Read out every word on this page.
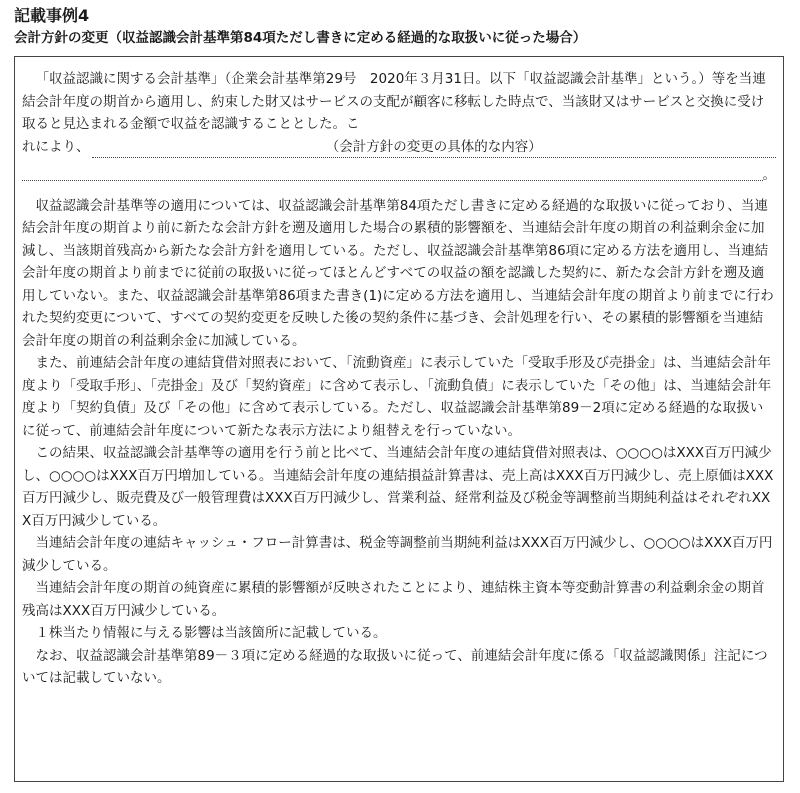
記載事例4
会計方針の変更（収益認識会計基準第84項ただし書きに定める経過的な取扱いに従った場合）

「収益認識に関する会計基準」（企業会計基準第29号　2020年３月31日。以下「収益認識会計基準」という。）等を当連結会計年度の期首から適用し、約束した財又はサービスの支配が顧客に移転した時点で、当該財又はサービスと交換に受け取ると見込まれる金額で収益を認識することとした。こ

れにより、	（会計方針の変更の具体的な内容）
。

収益認識会計基準等の適用については、収益認識会計基準第84項ただし書きに定める経過的な取扱いに従っており、当連結会計年度の期首より前に新たな会計方針を遡及適用した場合の累積的影響額を、当連結会計年度の期首の利益剰余金に加減し、当該期首残高から新たな会計方針を適用している。ただし、収益認識会計基準第86項に定める方法を適用し、当連結会計年度の期首より前までに従前の取扱いに従ってほとんどすべての収益の額を認識した契約に、新たな会計方針を遡及適用していない。また、収益認識会計基準第86項また書き(1)に定める方法を適用し、当連結会計年度の期首より前までに行われた契約変更について、すべての契約変更を反映した後の契約条件に基づき、会計処理を行い、その累積的影響額を当連結会計年度の期首の利益剰余金に加減している。

また、前連結会計年度の連結貸借対照表において、「流動資産」に表示していた「受取手形及び売掛金」は、当連結会計年度より「受取手形」、「売掛金」及び「契約資産」に含めて表示し、「流動負債」に表示していた「その他」は、当連結会計年度より「契約負債」及び「その他」に含めて表示している。ただし、収益認識会計基準第89－2項に定める経過的な取扱いに従って、前連結会計年度について新たな表示方法により組替えを行っていない。

この結果、収益認識会計基準等の適用を行う前と比べて、当連結会計年度の連結貸借対照表は、○○○○はXXX百万円減少し、○○○○はXXX百万円増加している。当連結会計年度の連結損益計算書は、売上高はXXX百万円減少し、売上原価はXXX百万円減少し、販売費及び一般管理費はXXX百万円減少し、営業利益、経常利益及び税金等調整前当期純利益はそれぞれXXX百万円減少している。

当連結会計年度の連結キャッシュ・フロー計算書は、税金等調整前当期純利益はXXX百万円減少し、○○○○はXXX百万円減少している。

当連結会計年度の期首の純資産に累積的影響額が反映されたことにより、連結株主資本等変動計算書の利益剰余金の期首残高はXXX百万円減少している。

１株当たり情報に与える影響は当該箇所に記載している。

なお、収益認識会計基準第89－３項に定める経過的な取扱いに従って、前連結会計年度に係る「収益認識関係」注記については記載していない。
